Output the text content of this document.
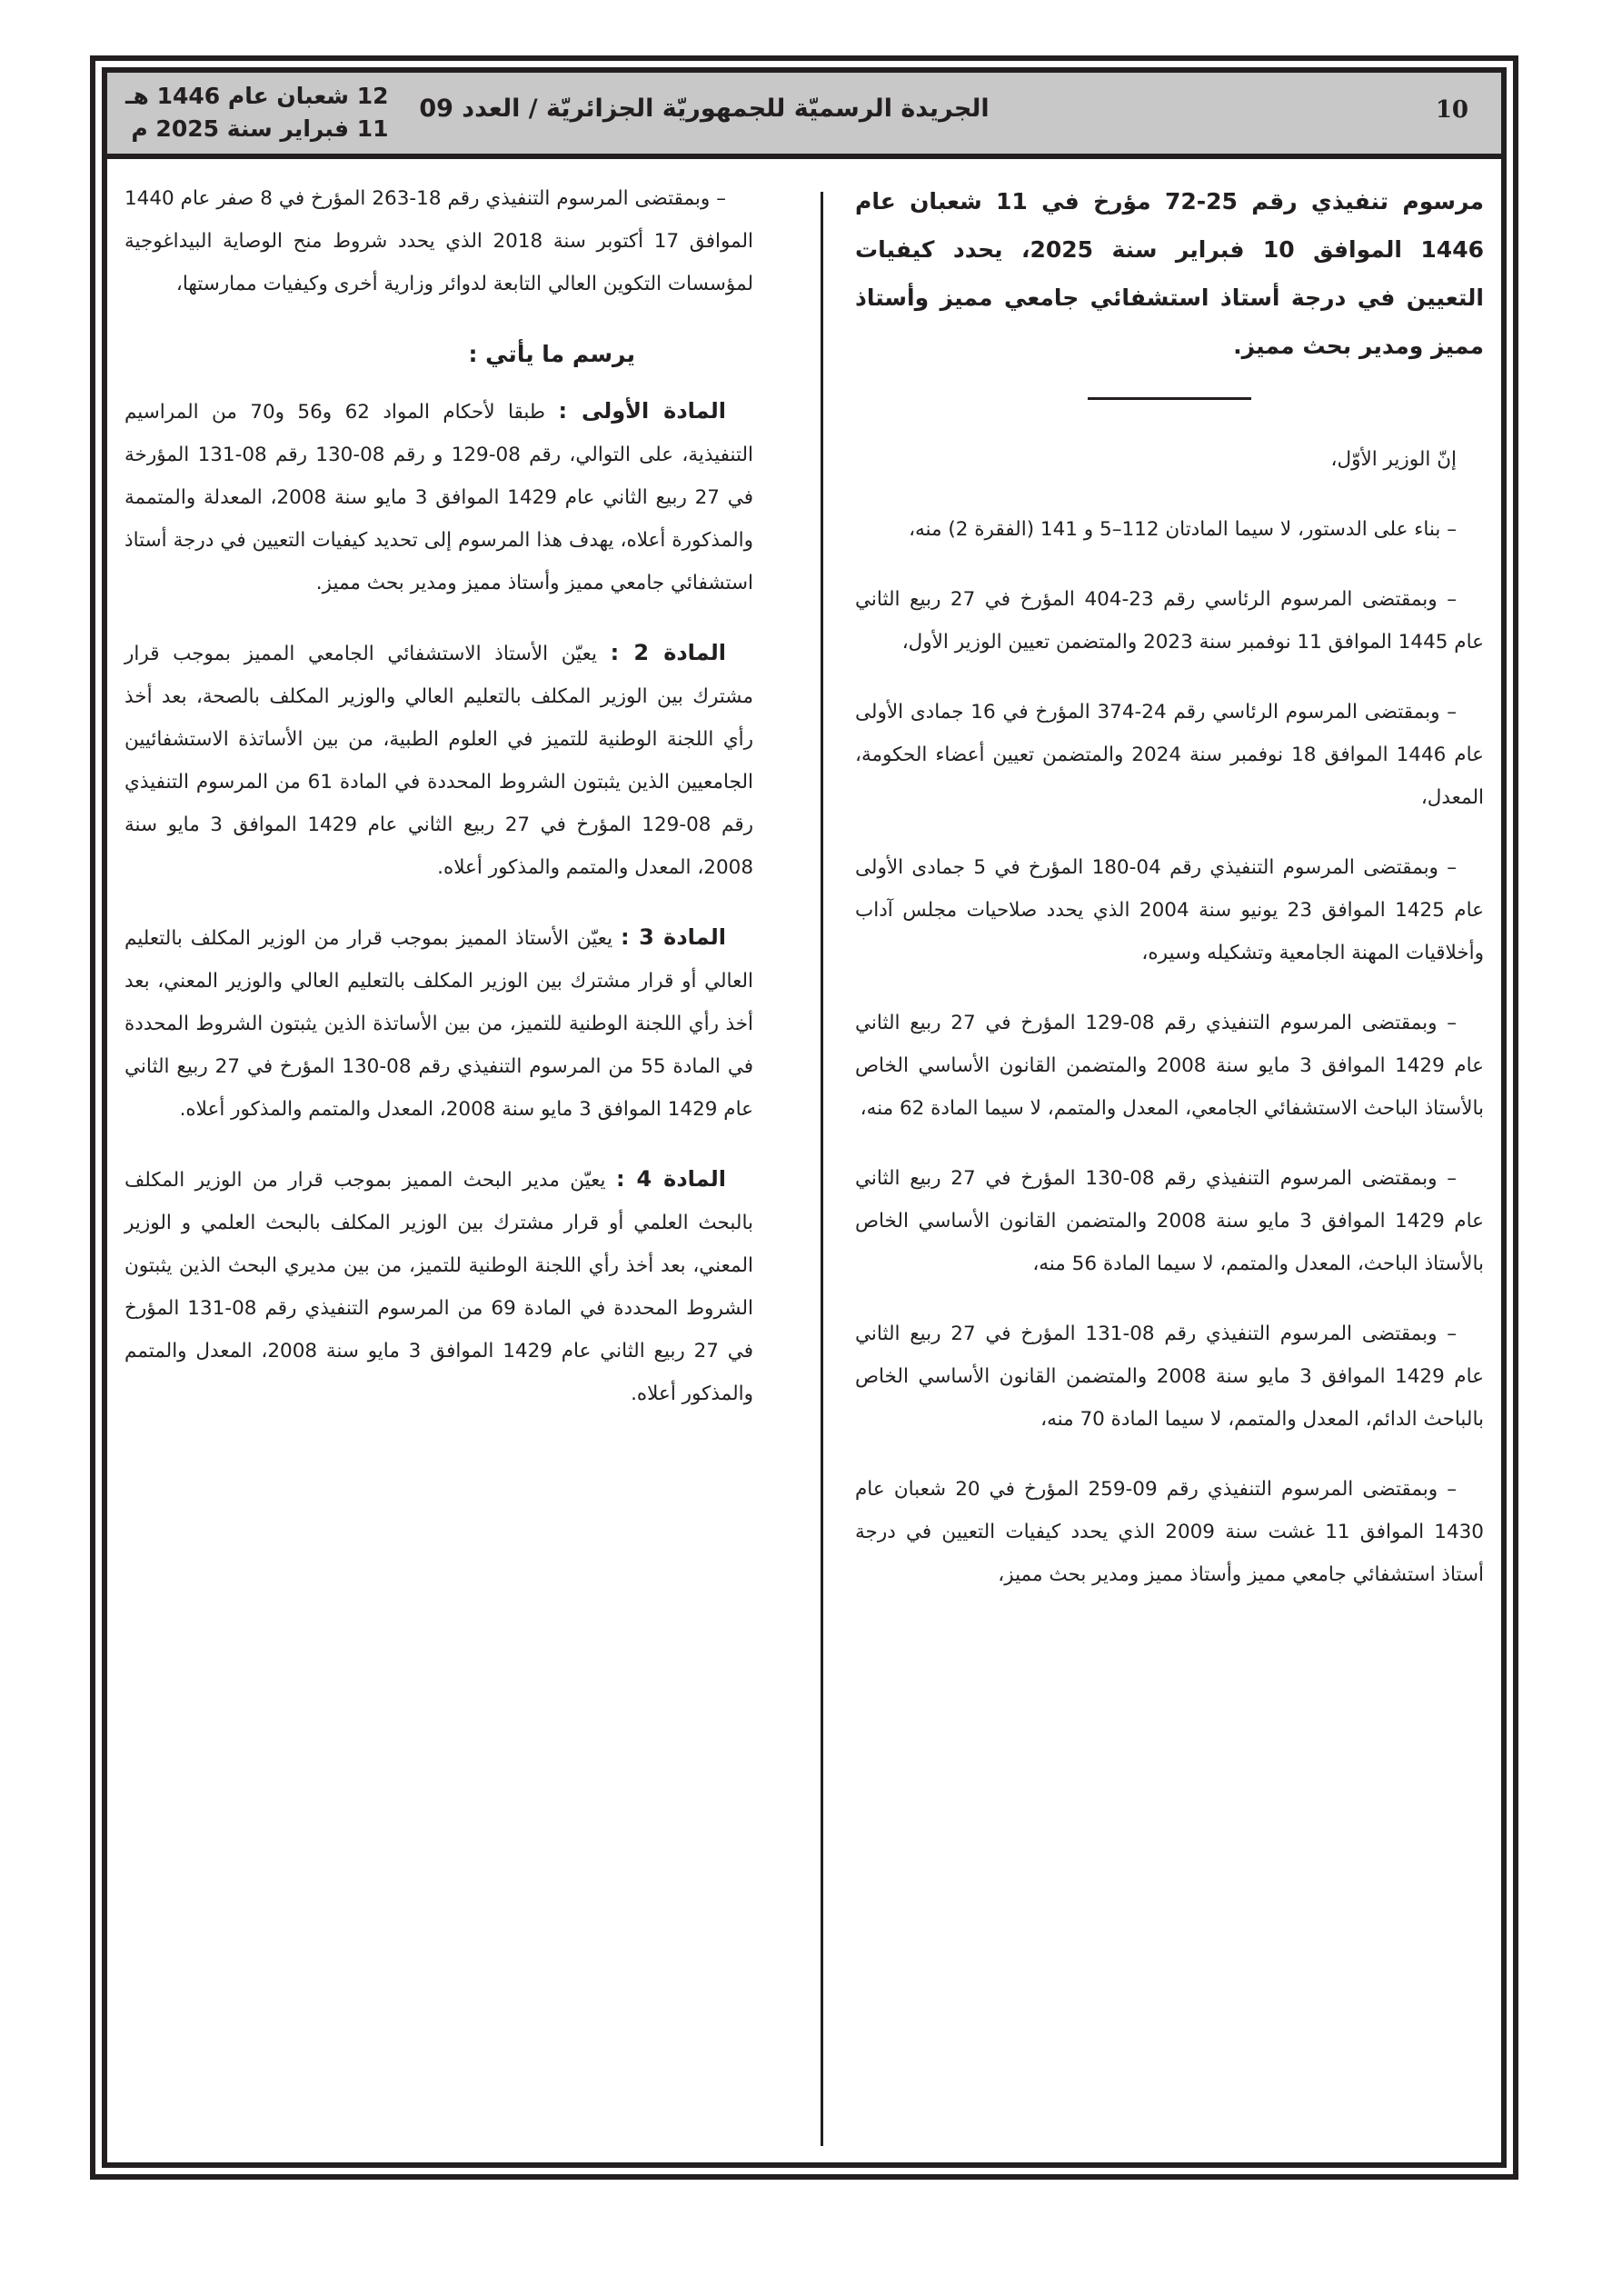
10
الجريدة الرسميّة للجمهوريّة الجزائريّة / العدد 09
12 شعبان عام 1446 هـ
11 فبراير سنة 2025 م
مرسوم تنفيذي رقم 25-72 مؤرخ في 11 شعبان عام 1446 الموافق 10 فبراير سنة 2025، يحدد كيفيات التعيين في درجة أستاذ استشفائي جامعي مميز وأستاذ مميز ومدير بحث مميز.

إنّ الوزير الأوّل،

– بناء على الدستور، لا سيما المادتان 112–5 و 141 (الفقرة 2) منه،

– وبمقتضى المرسوم الرئاسي رقم 23-404 المؤرخ في 27 ربيع الثاني عام 1445 الموافق 11 نوفمبر سنة 2023 والمتضمن تعيين الوزير الأول،

– وبمقتضى المرسوم الرئاسي رقم 24-374 المؤرخ في 16 جمادى الأولى عام 1446 الموافق 18 نوفمبر سنة 2024 والمتضمن تعيين أعضاء الحكومة، المعدل،

– وبمقتضى المرسوم التنفيذي رقم 04-180 المؤرخ في 5 جمادى الأولى عام 1425 الموافق 23 يونيو سنة 2004 الذي يحدد صلاحيات مجلس آداب وأخلاقيات المهنة الجامعية وتشكيله وسيره،

– وبمقتضى المرسوم التنفيذي رقم 08-129 المؤرخ في 27 ربيع الثاني عام 1429 الموافق 3 مايو سنة 2008 والمتضمن القانون الأساسي الخاص بالأستاذ الباحث الاستشفائي الجامعي، المعدل والمتمم، لا سيما المادة 62 منه،

– وبمقتضى المرسوم التنفيذي رقم 08-130 المؤرخ في 27 ربيع الثاني عام 1429 الموافق 3 مايو سنة 2008 والمتضمن القانون الأساسي الخاص بالأستاذ الباحث، المعدل والمتمم، لا سيما المادة 56 منه،

– وبمقتضى المرسوم التنفيذي رقم 08-131 المؤرخ في 27 ربيع الثاني عام 1429 الموافق 3 مايو سنة 2008 والمتضمن القانون الأساسي الخاص بالباحث الدائم، المعدل والمتمم، لا سيما المادة 70 منه،

– وبمقتضى المرسوم التنفيذي رقم 09-259 المؤرخ في 20 شعبان عام 1430 الموافق 11 غشت سنة 2009 الذي يحدد كيفيات التعيين في درجة أستاذ استشفائي جامعي مميز وأستاذ مميز ومدير بحث مميز،

– وبمقتضى المرسوم التنفيذي رقم 18-263 المؤرخ في 8 صفر عام 1440 الموافق 17 أكتوبر سنة 2018 الذي يحدد شروط منح الوصاية البيداغوجية لمؤسسات التكوين العالي التابعة لدوائر وزارية أخرى وكيفيات ممارستها،

يرسم ما يأتي :

المادة الأولى : طبقا لأحكام المواد 62 و56 و70 من المراسيم التنفيذية، على التوالي، رقم 08-129 و رقم 08-130 رقم 08-131 المؤرخة في 27 ربيع الثاني عام 1429 الموافق 3 مايو سنة 2008، المعدلة والمتممة والمذكورة أعلاه، يهدف هذا المرسوم إلى تحديد كيفيات التعيين في درجة أستاذ استشفائي جامعي مميز وأستاذ مميز ومدير بحث مميز.

المادة 2 : يعيّن الأستاذ الاستشفائي الجامعي المميز بموجب قرار مشترك بين الوزير المكلف بالتعليم العالي والوزير المكلف بالصحة، بعد أخذ رأي اللجنة الوطنية للتميز في العلوم الطبية، من بين الأساتذة الاستشفائيين الجامعيين الذين يثبتون الشروط المحددة في المادة 61 من المرسوم التنفيذي رقم 08-129 المؤرخ في 27 ربيع الثاني عام 1429 الموافق 3 مايو سنة 2008، المعدل والمتمم والمذكور أعلاه.

المادة 3 : يعيّن الأستاذ المميز بموجب قرار من الوزير المكلف بالتعليم العالي أو قرار مشترك بين الوزير المكلف بالتعليم العالي والوزير المعني، بعد أخذ رأي اللجنة الوطنية للتميز، من بين الأساتذة الذين يثبتون الشروط المحددة في المادة 55 من المرسوم التنفيذي رقم 08-130 المؤرخ في 27 ربيع الثاني عام 1429 الموافق 3 مايو سنة 2008، المعدل والمتمم والمذكور أعلاه.

المادة 4 : يعيّن مدير البحث المميز بموجب قرار من الوزير المكلف بالبحث العلمي أو قرار مشترك بين الوزير المكلف بالبحث العلمي و الوزير المعني، بعد أخذ رأي اللجنة الوطنية للتميز، من بين مديري البحث الذين يثبتون الشروط المحددة في المادة 69 من المرسوم التنفيذي رقم 08-131 المؤرخ في 27 ربيع الثاني عام 1429 الموافق 3 مايو سنة 2008، المعدل والمتمم والمذكور أعلاه.
